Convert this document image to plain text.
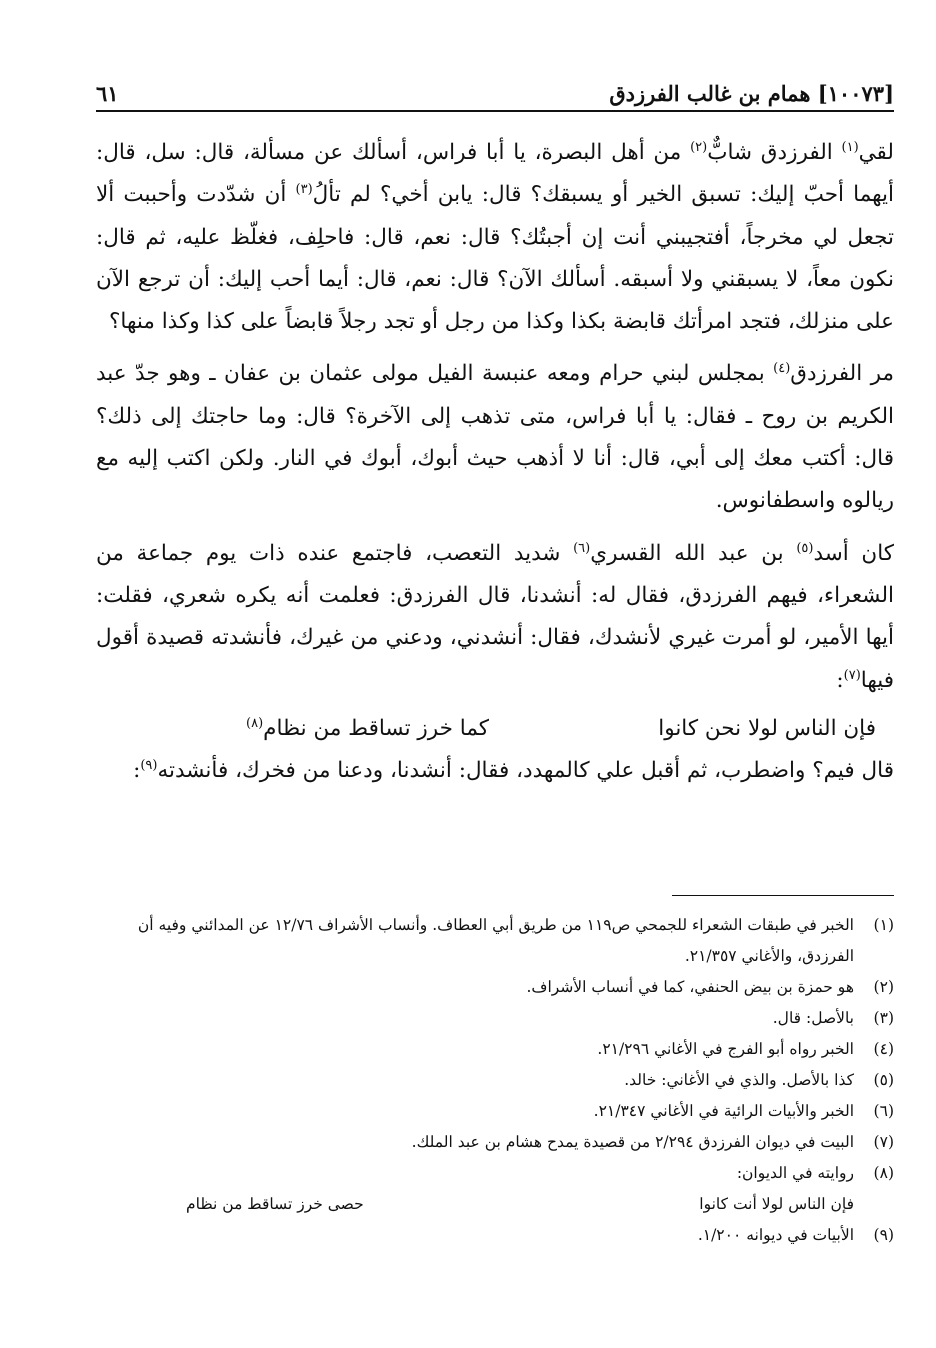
[١٠٠٧٣] همام بن غالب الفرزدق
٦١

لقي$^{(١)}$ الفرزدق شابٌّ$^{(٢)}$ من أهل البصرة، يا أبا فراس، أسألك عن مسألة، قال: سل، قال: أيهما أحبّ إليك: تسبق الخير أو يسبقك؟ قال: يابن أخي؟ لم تألُ$^{(٣)}$ أن شدّدت وأحببت ألا تجعل لي مخرجاً، أفتجيبني أنت إن أجبتُك؟ قال: نعم، قال: فاحلِف، فغلّظ عليه، ثم قال: نكون معاً، لا يسبقني ولا أسبقه. أسألك الآن؟ قال: نعم، قال: أيما أحب إليك: أن ترجع الآن على منزلك، فتجد امرأتك قابضة بكذا وكذا من رجل أو تجد رجلاً قابضاً على كذا وكذا منها؟

مر الفرزدق$^{(٤)}$ بمجلس لبني حرام ومعه عنبسة الفيل مولى عثمان بن عفان ـ وهو جدّ عبد الكريم بن روح ـ فقال: يا أبا فراس، متى تذهب إلى الآخرة؟ قال: وما حاجتك إلى ذلك؟ قال: أكتب معك إلى أبي، قال: أنا لا أذهب حيث أبوك، أبوك في النار. ولكن اكتب إليه مع ريالوه واسطفانوس.

كان أسد$^{(٥)}$ بن عبد الله القسري$^{(٦)}$ شديد التعصب، فاجتمع عنده ذات يوم جماعة من الشعراء، فيهم الفرزدق، فقال له: أنشدنا، قال الفرزدق: فعلمت أنه يكره شعري، فقلت: أيها الأمير، لو أمرت غيري لأنشدك، فقال: أنشدني، ودعني من غيرك، فأنشدته قصيدة أقول فيها$^{(٧)}$:

فإن الناس لولا نحن كانوا
كما خرز تساقط من نظام$^{(٨)}$

قال فيم؟ واضطرب، ثم أقبل علي كالمهدد، فقال: أنشدنا، ودعنا من فخرك، فأنشدته$^{(٩)}$:

(١)
الخبر في طبقات الشعراء للجمحي ص١١٩ من طريق أبي العطاف. وأنساب الأشراف ١٢/٧٦ عن المدائني وفيه أن الفرزدق، والأغاني ٢١/٣٥٧.
(٢)
هو حمزة بن بيض الحنفي، كما في أنساب الأشراف.
(٣)
بالأصل: قال.
(٤)
الخبر رواه أبو الفرج في الأغاني ٢١/٢٩٦.
(٥)
كذا بالأصل. والذي في الأغاني: خالد.
(٦)
الخبر والأبيات الرائية في الأغاني ٢١/٣٤٧.
(٧)
البيت في ديوان الفرزدق ٢/٢٩٤ من قصيدة يمدح هشام بن عبد الملك.
(٨)
روايته في الديوان:
فإن الناس لولا أنت كانوا
حصى خرز تساقط من نظام
(٩)
الأبيات في ديوانه ١/٢٠٠.
